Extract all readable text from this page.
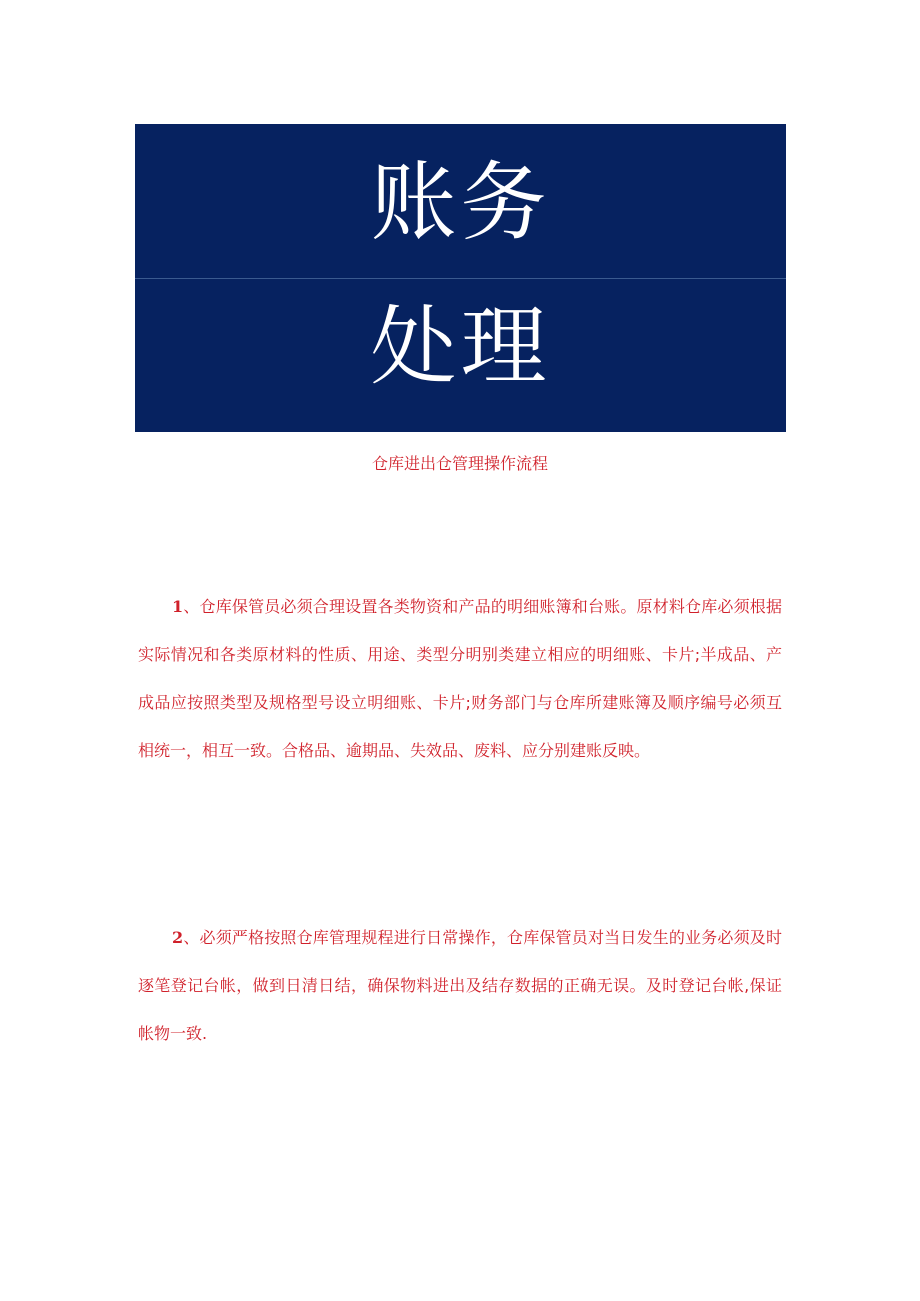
账务
处理
仓库进出仓管理操作流程

1、仓库保管员必须合理设置各类物资和产品的明细账簿和台账。原材料仓库必须根据实际情况和各类原材料的性质、用途、类型分明别类建立相应的明细账、卡片;半成品、产成品应按照类型及规格型号设立明细账、卡片;财务部门与仓库所建账簿及顺序编号必须互相统一，相互一致。合格品、逾期品、失效品、废料、应分别建账反映。

2、必须严格按照仓库管理规程进行日常操作，仓库保管员对当日发生的业务必须及时逐笔登记台帐，做到日清日结，确保物料进出及结存数据的正确无误。及时登记台帐,保证帐物一致.
